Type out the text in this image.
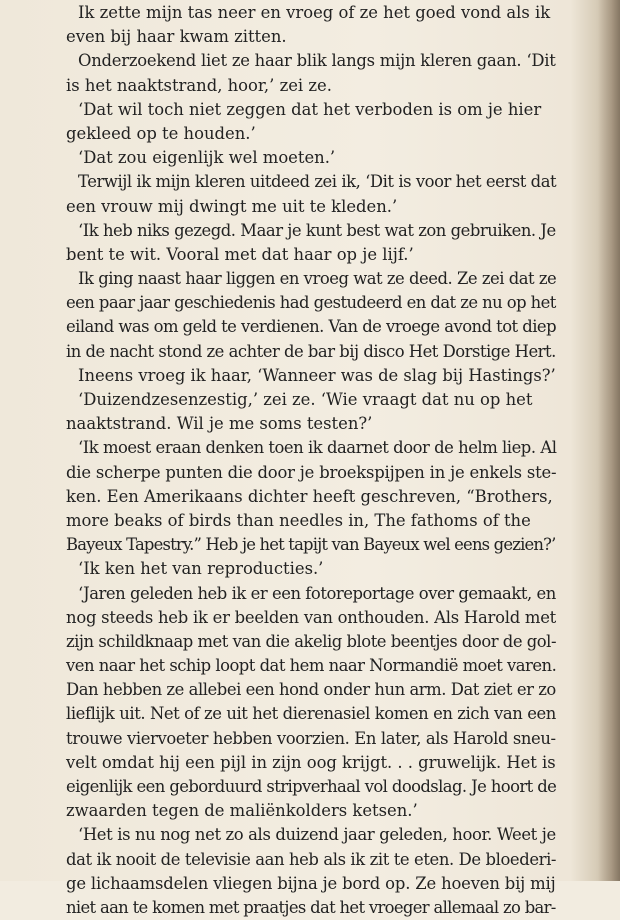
Ik zette mijn tas neer en vroeg of ze het goed vond als ik
even bij haar kwam zitten.
Onderzoekend liet ze haar blik langs mijn kleren gaan. ‘Dit
is het naaktstrand, hoor,’ zei ze.
‘Dat wil toch niet zeggen dat het verboden is om je hier
gekleed op te houden.’
‘Dat zou eigenlijk wel moeten.’
Terwijl ik mijn kleren uitdeed zei ik, ‘Dit is voor het eerst dat
een vrouw mij dwingt me uit te kleden.’
‘Ik heb niks gezegd. Maar je kunt best wat zon gebruiken. Je
bent te wit. Vooral met dat haar op je lijf.’
Ik ging naast haar liggen en vroeg wat ze deed. Ze zei dat ze
een paar jaar geschiedenis had gestudeerd en dat ze nu op het
eiland was om geld te verdienen. Van de vroege avond tot diep
in de nacht stond ze achter de bar bij disco Het Dorstige Hert.
Ineens vroeg ik haar, ‘Wanneer was de slag bij Hastings?’
‘Duizendzesenzestig,’ zei ze. ‘Wie vraagt dat nu op het
naaktstrand. Wil je me soms testen?’
‘Ik moest eraan denken toen ik daarnet door de helm liep. Al
die scherpe punten die door je broekspijpen in je enkels ste-
ken. Een Amerikaans dichter heeft geschreven, “Brothers,
more beaks of birds than needles in, The fathoms of the
Bayeux Tapestry.” Heb je het tapijt van Bayeux wel eens gezien?’
‘Ik ken het van reproducties.’
‘Jaren geleden heb ik er een fotoreportage over gemaakt, en
nog steeds heb ik er beelden van onthouden. Als Harold met
zijn schildknaap met van die akelig blote beentjes door de gol-
ven naar het schip loopt dat hem naar Normandië moet varen.
Dan hebben ze allebei een hond onder hun arm. Dat ziet er zo
lieflijk uit. Net of ze uit het dierenasiel komen en zich van een
trouwe viervoeter hebben voorzien. En later, als Harold sneu-
velt omdat hij een pijl in zijn oog krijgt. . . gruwelijk. Het is
eigenlijk een geborduurd stripverhaal vol doodslag. Je hoort de
zwaarden tegen de maliënkolders ketsen.’
‘Het is nu nog net zo als duizend jaar geleden, hoor. Weet je
dat ik nooit de televisie aan heb als ik zit te eten. De bloederi-
ge lichaamsdelen vliegen bijna je bord op. Ze hoeven bij mij
niet aan te komen met praatjes dat het vroeger allemaal zo bar-
